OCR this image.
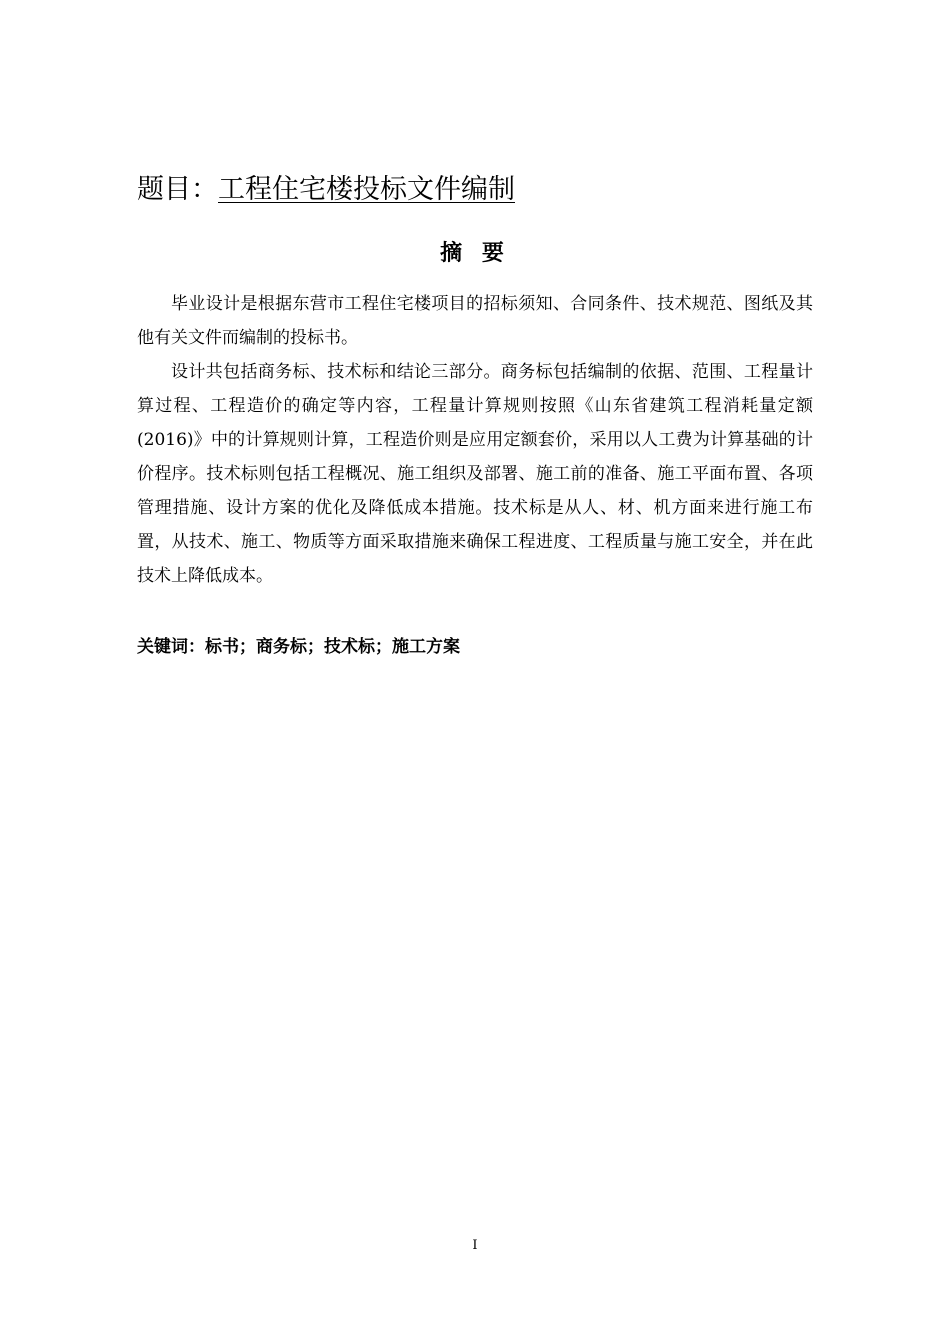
题目：工程住宅楼投标文件编制
摘 要

毕业设计是根据东营市工程住宅楼项目的招标须知、合同条件、技术规范、图纸及其他有关文件而编制的投标书。

设计共包括商务标、技术标和结论三部分。商务标包括编制的依据、范围、工程量计算过程、工程造价的确定等内容，工程量计算规则按照《山东省建筑工程消耗量定额(2016)》中的计算规则计算，工程造价则是应用定额套价，采用以人工费为计算基础的计价程序。技术标则包括工程概况、施工组织及部署、施工前的准备、施工平面布置、各项管理措施、设计方案的优化及降低成本措施。技术标是从人、材、机方面来进行施工布置，从技术、施工、物质等方面采取措施来确保工程进度、工程质量与施工安全，并在此技术上降低成本。

关键词：标书；商务标；技术标；施工方案
I
